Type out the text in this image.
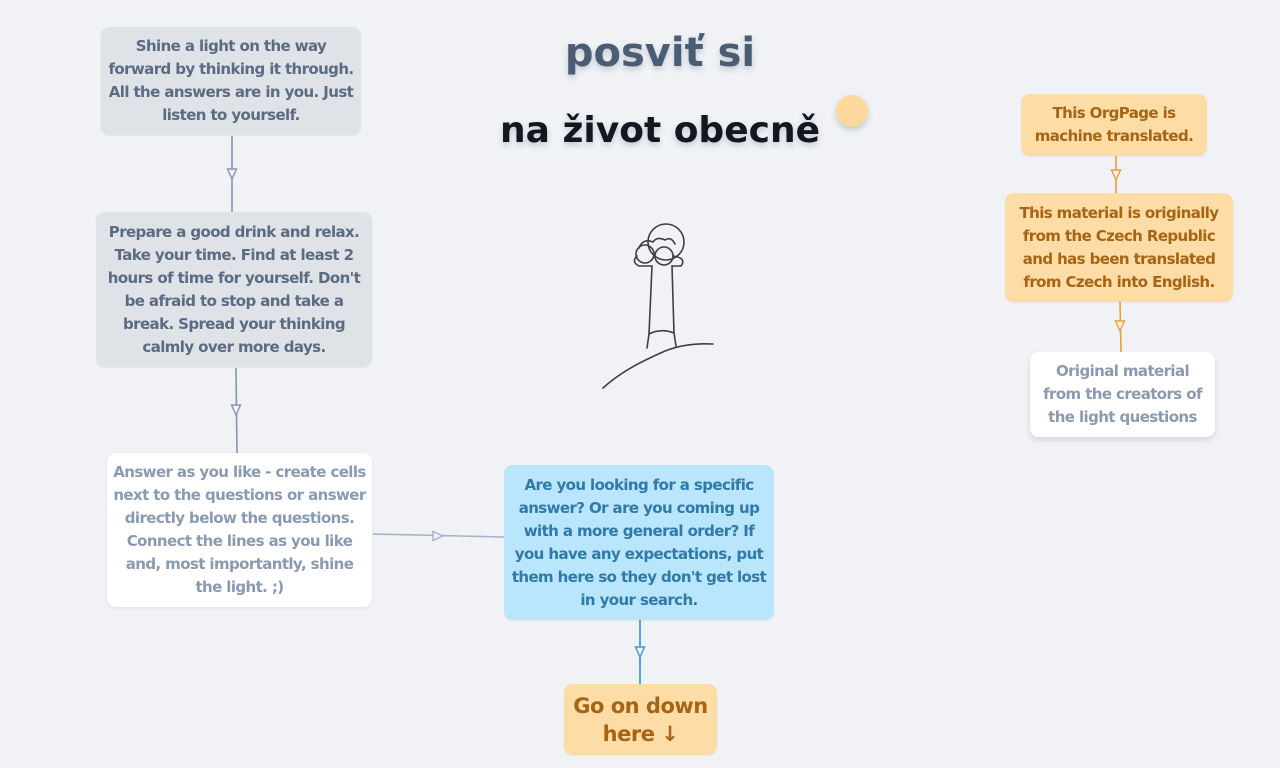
posviť si
na život obecně
Shine a light on the way forward by thinking it through. All the answers are in you. Just listen to yourself.
Prepare a good drink and relax. Take your time. Find at least 2 hours of time for yourself. Don't be afraid to stop and take a break. Spread your thinking calmly over more days.
Answer as you like - create cells next to the questions or answer directly below the questions. Connect the lines as you like and, most importantly, shine the light. ;)
Are you looking for a specific answer? Or are you coming up with a more general order? If you have any expectations, put them here so they don't get lost in your search.
Go on down here ↓
This OrgPage is machine translated.
This material is originally from the Czech Republic and has been translated from Czech into English.
Original material from the creators of the light questions
